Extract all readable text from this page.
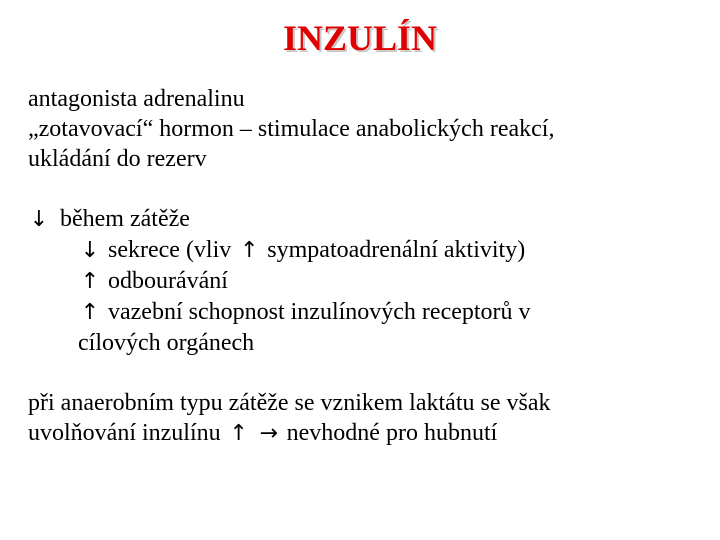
INZULÍN
antagonista adrenalinu
„zotavovací“ hormon – stimulace anabolických reakcí,
ukládání do rezerv
↓ během zátěže
↓ sekrece (vliv ↑ sympatoadrenální aktivity)
↑ odbourávání
↑ vazební schopnost inzulínových receptorů v
cílových orgánech
při anaerobním typu zátěže se vznikem laktátu se však
uvolňování inzulínu ↑ → nevhodné pro hubnutí
